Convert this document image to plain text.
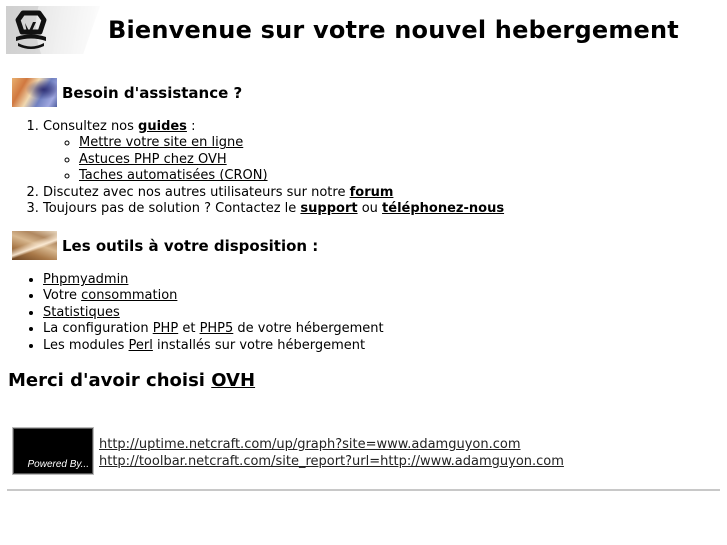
Bienvenue sur votre nouvel hebergement
Besoin d'assistance ?
1. Consultez nos guides :
◦ Mettre votre site en ligne
◦ Astuces PHP chez OVH
◦ Taches automatisées (CRON)
2. Discutez avec nos autres utilisateurs sur notre forum
3. Toujours pas de solution ? Contactez le support ou téléphonez-nous
Les outils à votre disposition :
• Phpmyadmin
• Votre consommation
• Statistiques
• La configuration PHP et PHP5 de votre hébergement
• Les modules Perl installés sur votre hébergement
Merci d'avoir choisi OVH
Powered By...
http://uptime.netcraft.com/up/graph?site=www.adamguyon.com
http://toolbar.netcraft.com/site_report?url=http://www.adamguyon.com
